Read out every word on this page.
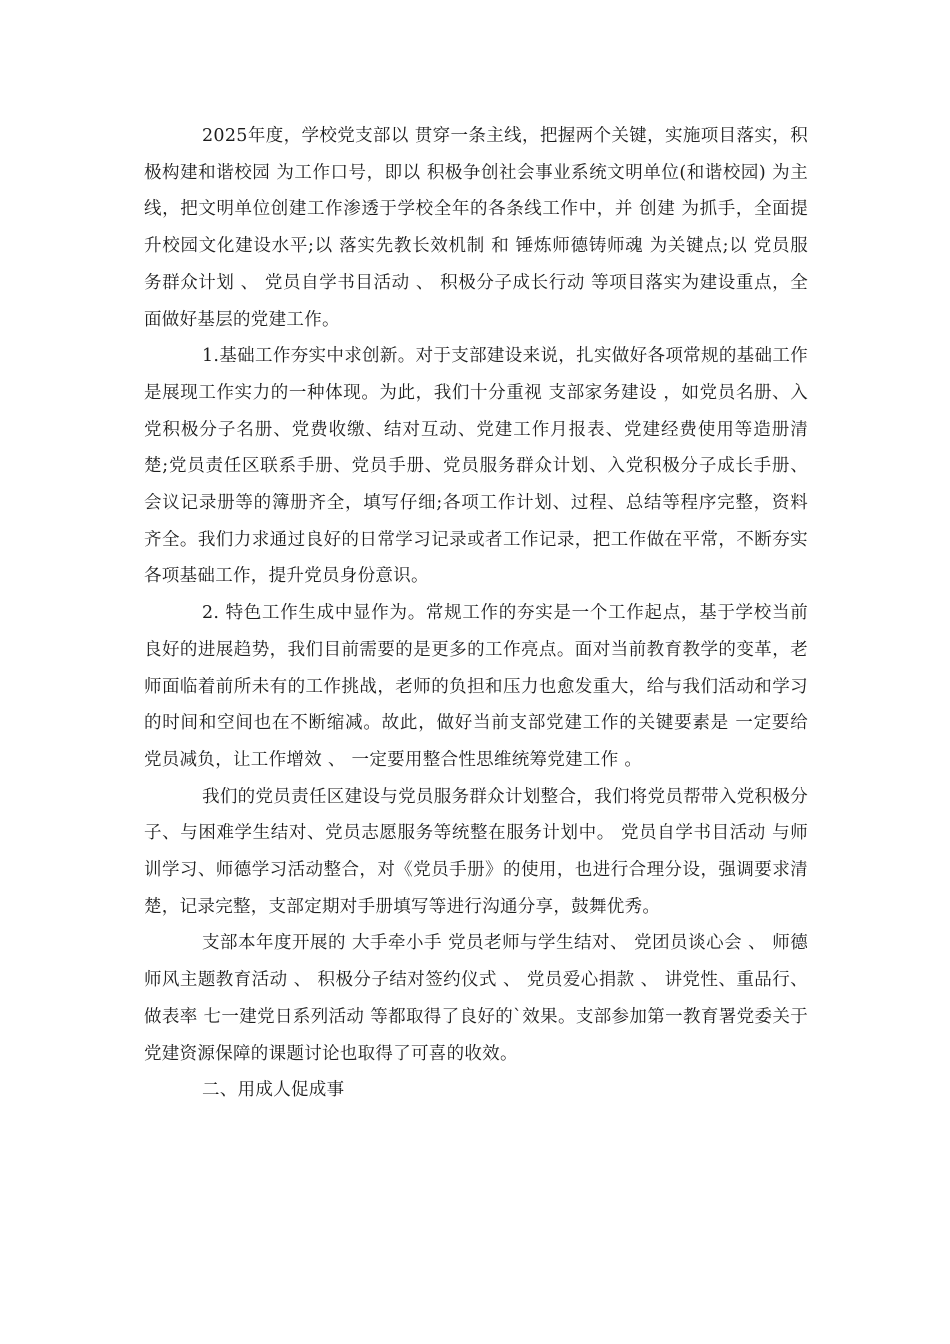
2025年度，学校党支部以 贯穿一条主线，把握两个关键，实施项目落实，积极构建和谐校园 为工作口号，即以 积极争创社会事业系统文明单位(和谐校园) 为主线，把文明单位创建工作渗透于学校全年的各条线工作中，并 创建 为抓手，全面提升校园文化建设水平;以 落实先教长效机制 和 锤炼师德铸师魂 为关键点;以 党员服务群众计划 、 党员自学书目活动 、 积极分子成长行动 等项目落实为建设重点，全面做好基层的党建工作。

1.基础工作夯实中求创新。对于支部建设来说，扎实做好各项常规的基础工作是展现工作实力的一种体现。为此，我们十分重视 支部家务建设 ，如党员名册、入党积极分子名册、党费收缴、结对互动、党建工作月报表、党建经费使用等造册清楚;党员责任区联系手册、党员手册、党员服务群众计划、入党积极分子成长手册、会议记录册等的簿册齐全，填写仔细;各项工作计划、过程、总结等程序完整，资料齐全。我们力求通过良好的日常学习记录或者工作记录，把工作做在平常，不断夯实各项基础工作，提升党员身份意识。

2. 特色工作生成中显作为。常规工作的夯实是一个工作起点，基于学校当前良好的进展趋势，我们目前需要的是更多的工作亮点。面对当前教育教学的变革，老师面临着前所未有的工作挑战，老师的负担和压力也愈发重大，给与我们活动和学习的时间和空间也在不断缩减。故此，做好当前支部党建工作的关键要素是 一定要给党员减负，让工作增效 、 一定要用整合性思维统筹党建工作 。

我们的党员责任区建设与党员服务群众计划整合，我们将党员帮带入党积极分子、与困难学生结对、党员志愿服务等统整在服务计划中。 党员自学书目活动 与师训学习、师德学习活动整合，对《党员手册》的使用，也进行合理分设，强调要求清楚，记录完整，支部定期对手册填写等进行沟通分享，鼓舞优秀。

支部本年度开展的 大手牵小手 党员老师与学生结对、 党团员谈心会 、 师德师风主题教育活动 、 积极分子结对签约仪式 、 党员爱心捐款 、 讲党性、重品行、做表率 七一建党日系列活动 等都取得了良好的`效果。支部参加第一教育署党委关于党建资源保障的课题讨论也取得了可喜的收效。

二、用成人促成事
